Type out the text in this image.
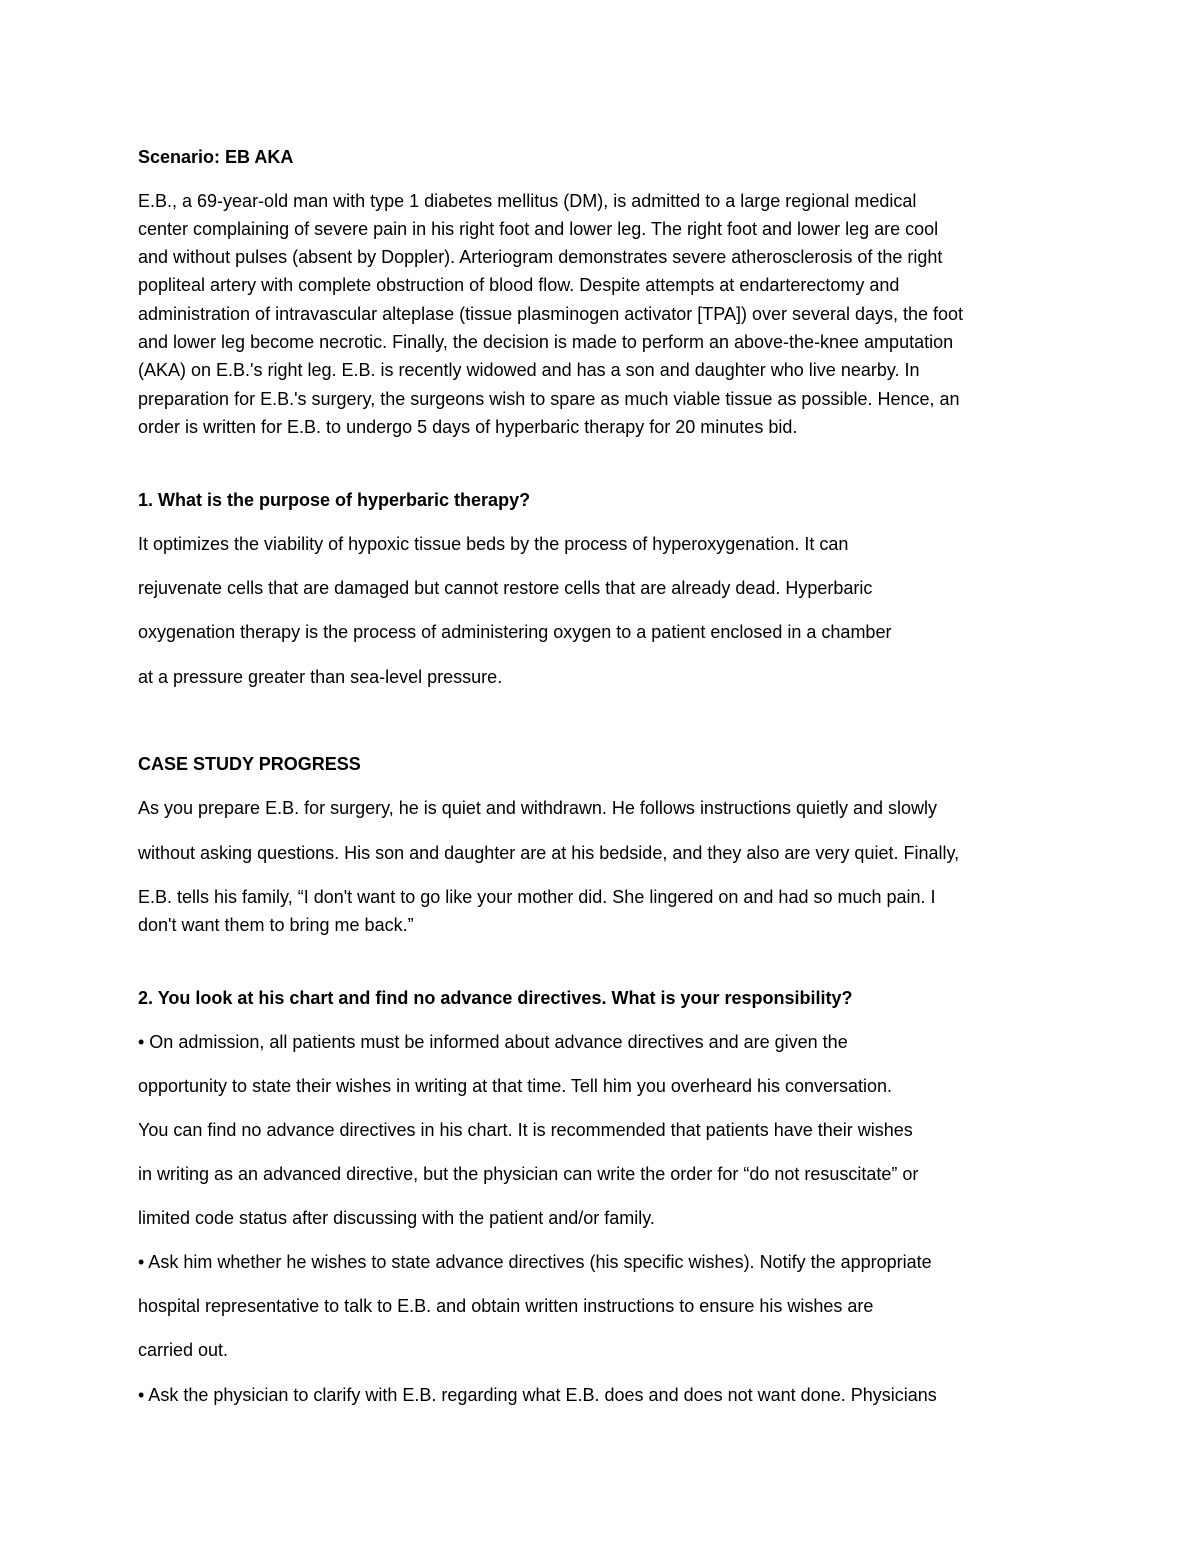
Scenario: EB AKA
E.B., a 69-year-old man with type 1 diabetes mellitus (DM), is admitted to a large regional medical
center complaining of severe pain in his right foot and lower leg. The right foot and lower leg are cool
and without pulses (absent by Doppler). Arteriogram demonstrates severe atherosclerosis of the right
popliteal artery with complete obstruction of blood flow. Despite attempts at endarterectomy and
administration of intravascular alteplase (tissue plasminogen activator [TPA]) over several days, the foot
and lower leg become necrotic. Finally, the decision is made to perform an above-the-knee amputation
(AKA) on E.B.'s right leg. E.B. is recently widowed and has a son and daughter who live nearby. In
preparation for E.B.'s surgery, the surgeons wish to spare as much viable tissue as possible. Hence, an
order is written for E.B. to undergo 5 days of hyperbaric therapy for 20 minutes bid.
1. What is the purpose of hyperbaric therapy?
It optimizes the viability of hypoxic tissue beds by the process of hyperoxygenation. It can
rejuvenate cells that are damaged but cannot restore cells that are already dead. Hyperbaric
oxygenation therapy is the process of administering oxygen to a patient enclosed in a chamber
at a pressure greater than sea-level pressure.
CASE STUDY PROGRESS
As you prepare E.B. for surgery, he is quiet and withdrawn. He follows instructions quietly and slowly
without asking questions. His son and daughter are at his bedside, and they also are very quiet. Finally,
E.B. tells his family, “I don't want to go like your mother did. She lingered on and had so much pain. I
don't want them to bring me back.”
2. You look at his chart and find no advance directives. What is your responsibility?
• On admission, all patients must be informed about advance directives and are given the
opportunity to state their wishes in writing at that time. Tell him you overheard his conversation.
You can find no advance directives in his chart. It is recommended that patients have their wishes
in writing as an advanced directive, but the physician can write the order for “do not resuscitate” or
limited code status after discussing with the patient and/or family.
• Ask him whether he wishes to state advance directives (his specific wishes). Notify the appropriate
hospital representative to talk to E.B. and obtain written instructions to ensure his wishes are
carried out.
• Ask the physician to clarify with E.B. regarding what E.B. does and does not want done. Physicians
